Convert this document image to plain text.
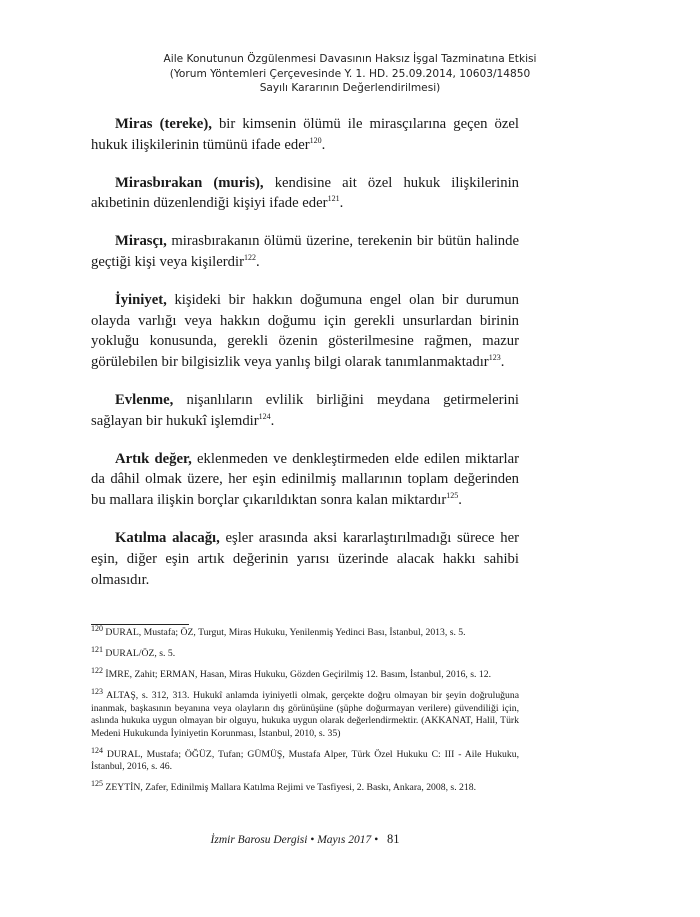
Aile Konutunun Özgülenmesi Davasının Haksız İşgal Tazminatına Etkisi
(Yorum Yöntemleri Çerçevesinde Y. 1. HD. 25.09.2014, 10603/14850
Sayılı Kararının Değerlendirilmesi)

Miras (tereke), bir kimsenin ölümü ile mirasçılarına geçen özel hukuk ilişkilerinin tümünü ifade eder$^{120}$.

Mirasbırakan (muris), kendisine ait özel hukuk ilişkilerinin akıbetinin düzenlendiği kişiyi ifade eder$^{121}$.

Mirasçı, mirasbırakanın ölümü üzerine, terekenin bir bütün halinde geçtiği kişi veya kişilerdir$^{122}$.

İyiniyet, kişideki bir hakkın doğumuna engel olan bir durumun olayda varlığı veya hakkın doğumu için gerekli unsurlardan birinin yokluğu konusunda, gerekli özenin gösterilmesine rağmen, mazur görülebilen bir bilgisizlik veya yanlış bilgi olarak tanımlanmaktadır$^{123}$.

Evlenme, nişanlıların evlilik birliğini meydana getirmelerini sağlayan bir hukukî işlemdir$^{124}$.

Artık değer, eklenmeden ve denkleştirmeden elde edilen miktarlar da dâhil olmak üzere, her eşin edinilmiş mallarının toplam değerinden bu mallara ilişkin borçlar çıkarıldıktan sonra kalan miktardır$^{125}$.

Katılma alacağı, eşler arasında aksi kararlaştırılmadığı sürece her eşin, diğer eşin artık değerinin yarısı üzerinde alacak hakkı sahibi olmasıdır.

$^{120}$ DURAL, Mustafa; ÖZ, Turgut, Miras Hukuku, Yenilenmiş Yedinci Bası, İstanbul, 2013, s. 5.

$^{121}$ DURAL/ÖZ, s. 5.

$^{122}$ İMRE, Zahit; ERMAN, Hasan, Miras Hukuku, Gözden Geçirilmiş 12. Basım, İstanbul, 2016, s. 12.

$^{123}$ ALTAŞ, s. 312, 313. Hukukî anlamda iyiniyetli olmak, gerçekte doğru olmayan bir şeyin doğruluğuna inanmak, başkasının beyanına veya olayların dış görünüşüne (şüphe doğurmayan verilere) güvendiliği için, aslında hukuka uygun olmayan bir olguyu, hukuka uygun olarak değerlendirmektir. (AKKANAT, Halil, Türk Medeni Hukukunda İyiniyetin Korunması, İstanbul, 2010, s. 35)

$^{124}$ DURAL, Mustafa; ÖĞÜZ, Tufan; GÜMÜŞ, Mustafa Alper, Türk Özel Hukuku C: III - Aile Hukuku, İstanbul, 2016, s. 46.

$^{125}$ ZEYTİN, Zafer, Edinilmiş Mallara Katılma Rejimi ve Tasfiyesi, 2. Baskı, Ankara, 2008, s. 218.

İzmir Barosu Dergisi • Mayıs 2017 • 81
